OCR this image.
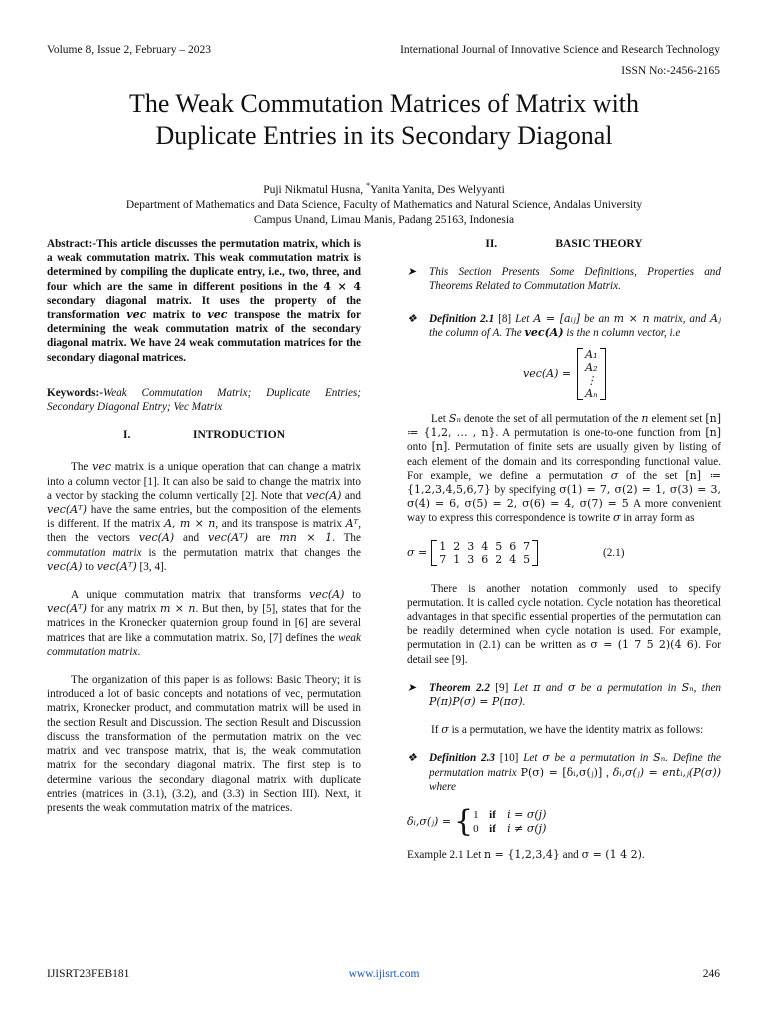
Volume 8, Issue 2, February – 2023	International Journal of Innovative Science and Research Technology
ISSN No:-2456-2165
The Weak Commutation Matrices of Matrix with
Duplicate Entries in its Secondary Diagonal
Puji Nikmatul Husna, *Yanita Yanita, Des Welyyanti
Department of Mathematics and Data Science, Faculty of Mathematics and Natural Science, Andalas University
Campus Unand, Limau Manis, Padang 25163, Indonesia

Abstract:-This article discusses the permutation matrix, which is a weak commutation matrix. This weak commutation matrix is determined by compiling the duplicate entry, i.e., two, three, and four which are the same in different positions in the 4 × 4 secondary diagonal matrix. It uses the property of the transformation vec matrix to vec transpose the matrix for determining the weak commutation matrix of the secondary diagonal matrix. We have 24 weak commutation matrices for the secondary diagonal matrices.

Keywords:-Weak Commutation Matrix; Duplicate Entries; Secondary Diagonal Entry; Vec Matrix

I.	INTRODUCTION

The vec matrix is a unique operation that can change a matrix into a column vector [1]. It can also be said to change the matrix into a vector by stacking the column vertically [2]. Note that vec(A) and vec(Aᵀ) have the same entries, but the composition of the elements is different. If the matrix A, m × n, and its transpose is matrix Aᵀ, then the vectors vec(A) and vec(Aᵀ) are mn × 1. The commutation matrix is the permutation matrix that changes the vec(A) to vec(Aᵀ) [3, 4].

A unique commutation matrix that transforms vec(A) to vec(Aᵀ) for any matrix m × n. But then, by [5], states that for the matrices in the Kronecker quaternion group found in [6] are several matrices that are like a commutation matrix. So, [7] defines the weak commutation matrix.

The organization of this paper is as follows: Basic Theory; it is introduced a lot of basic concepts and notations of vec, permutation matrix, Kronecker product, and commutation matrix will be used in the section Result and Discussion. The section Result and Discussion discuss the transformation of the permutation matrix on the vec matrix and vec transpose matrix, that is, the weak commutation matrix for the secondary diagonal matrix. The first step is to determine various the secondary diagonal matrix with duplicate entries (matrices in (3.1), (3.2), and (3.3) in Section III). Next, it presents the weak commutation matrix of the matrices.

II.	BASIC THEORY
➤	This Section Presents Some Definitions, Properties and Theorems Related to Commutation Matrix.
❖	Definition 2.1 [8] Let A = [aᵢⱼ] be an m × n matrix, and Aⱼ the column of A. The vec(A) is the n column vector, i.e
vec(A) =
A₁
A₂
⋮
Aₙ

Let Sₙ denote the set of all permutation of the n element set [n] ≔ {1,2, … , n}. A permutation is one-to-one function from [n] onto [n]. Permutation of finite sets are usually given by listing of each element of the domain and its corresponding functional value. For example, we define a permutation σ of the set [n] ≔ {1,2,3,4,5,6,7} by specifying σ(1) = 7, σ(2) = 1, σ(3) = 3, σ(4) = 6, σ(5) = 2, σ(6) = 4, σ(7) = 5 A more convenient way to express this correspondence is towrite σ in array form as

σ = 1  2  3  4  5  6  7
7  1  3  6  2  4  5
(2.1)

There is another notation commonly used to specify permutation. It is called cycle notation. Cycle notation has theoretical advantages in that specific essential properties of the permutation can be readily determined when cycle notation is used. For example, permutation in (2.1) can be written as σ = (1 7 5 2)(4 6). For detail see [9].

➤	Theorem 2.2 [9] Let π and σ be a permutation in Sₙ, then P(π)P(σ) = P(πσ).

If σ is a permutation, we have the identity matrix as follows:

❖	Definition 2.3 [10] Let σ be a permutation in Sₙ. Define the permutation matrix P(σ) = [δᵢ,σ(ⱼ)] , δᵢ,σ(ⱼ) = entᵢ,ⱼ(P(σ)) where
δᵢ,σ(ⱼ) = { 1 if	i = σ(j)
0 if	i ≠ σ(j)

Example 2.1 Let n = {1,2,3,4} and σ = (1 4 2).

IJISRT23FEB181	www.ijisrt.com	246
